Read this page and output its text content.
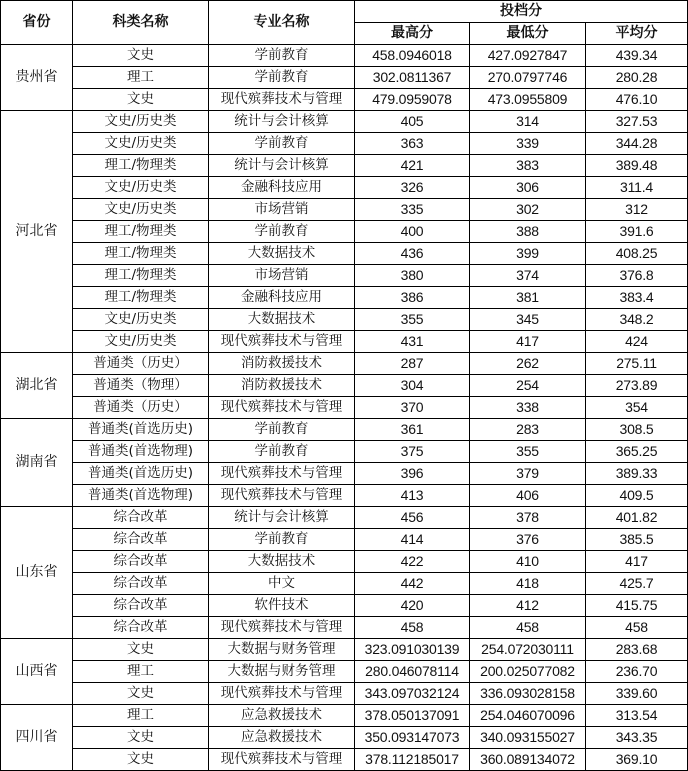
省份	科类名称	专业名称	投档分		
			最高分	最低分	平均分
贵州省	文史	学前教育	458.0946018	427.0927847	439.34
	理工	学前教育	302.0811367	270.0797746	280.28
	文史	现代殡葬技术与管理	479.0959078	473.0955809	476.10
河北省	文史/历史类	统计与会计核算	405	314	327.53
	文史/历史类	学前教育	363	339	344.28
	理工/物理类	统计与会计核算	421	383	389.48
	文史/历史类	金融科技应用	326	306	311.4
	文史/历史类	市场营销	335	302	312
	理工/物理类	学前教育	400	388	391.6
	理工/物理类	大数据技术	436	399	408.25
	理工/物理类	市场营销	380	374	376.8
	理工/物理类	金融科技应用	386	381	383.4
	文史/历史类	大数据技术	355	345	348.2
	文史/历史类	现代殡葬技术与管理	431	417	424
湖北省	普通类（历史）	消防救援技术	287	262	275.11
	普通类（物理）	消防救援技术	304	254	273.89
	普通类（历史）	现代殡葬技术与管理	370	338	354
湖南省	普通类(首选历史)	学前教育	361	283	308.5
	普通类(首选物理)	学前教育	375	355	365.25
	普通类(首选历史)	现代殡葬技术与管理	396	379	389.33
	普通类(首选物理)	现代殡葬技术与管理	413	406	409.5
山东省	综合改革	统计与会计核算	456	378	401.82
	综合改革	学前教育	414	376	385.5
	综合改革	大数据技术	422	410	417
	综合改革	中文	442	418	425.7
	综合改革	软件技术	420	412	415.75
	综合改革	现代殡葬技术与管理	458	458	458
山西省	文史	大数据与财务管理	323.091030139	254.072030111	283.68
	理工	大数据与财务管理	280.046078114	200.025077082	236.70
	文史	现代殡葬技术与管理	343.097032124	336.093028158	339.60
四川省	理工	应急救援技术	378.050137091	254.046070096	313.54
	文史	应急救援技术	350.093147073	340.093155027	343.35
	文史	现代殡葬技术与管理	378.112185017	360.089134072	369.10
